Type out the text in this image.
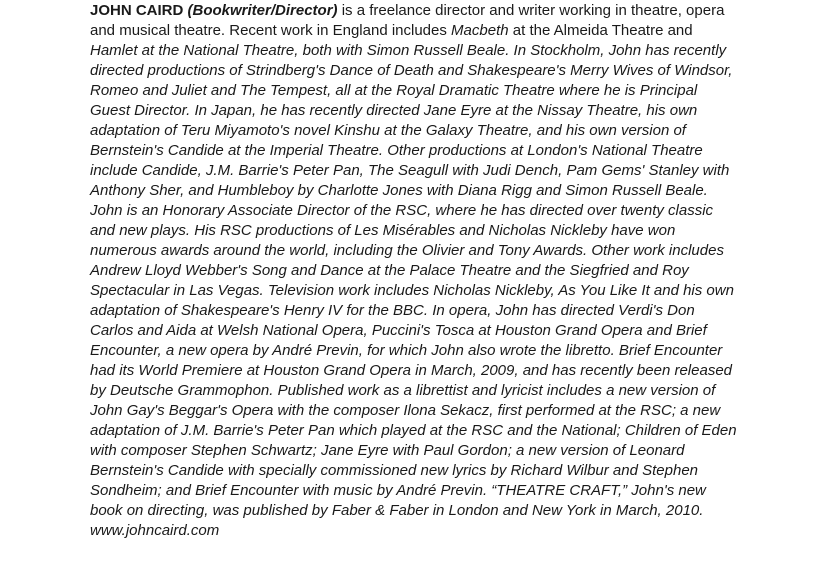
JOHN CAIRD (Bookwriter/Director) is a freelance director and writer working in theatre, opera and musical theatre. Recent work in England includes Macbeth at the Almeida Theatre and Hamlet at the National Theatre, both with Simon Russell Beale. In Stockholm, John has recently directed productions of Strindberg's Dance of Death and Shakespeare's Merry Wives of Windsor, Romeo and Juliet and The Tempest, all at the Royal Dramatic Theatre where he is Principal Guest Director. In Japan, he has recently directed Jane Eyre at the Nissay Theatre, his own adaptation of Teru Miyamoto's novel Kinshu at the Galaxy Theatre, and his own version of Bernstein's Candide at the Imperial Theatre. Other productions at London's National Theatre include Candide, J.M. Barrie's Peter Pan, The Seagull with Judi Dench, Pam Gems' Stanley with Anthony Sher, and Humbleboy by Charlotte Jones with Diana Rigg and Simon Russell Beale. John is an Honorary Associate Director of the RSC, where he has directed over twenty classic and new plays. His RSC productions of Les Misérables and Nicholas Nickleby have won numerous awards around the world, including the Olivier and Tony Awards. Other work includes Andrew Lloyd Webber's Song and Dance at the Palace Theatre and the Siegfried and Roy Spectacular in Las Vegas. Television work includes Nicholas Nickleby, As You Like It and his own adaptation of Shakespeare's Henry IV for the BBC. In opera, John has directed Verdi's Don Carlos and Aida at Welsh National Opera, Puccini's Tosca at Houston Grand Opera and Brief Encounter, a new opera by André Previn, for which John also wrote the libretto. Brief Encounter had its World Premiere at Houston Grand Opera in March, 2009, and has recently been released by Deutsche Grammophon. Published work as a librettist and lyricist includes a new version of John Gay's Beggar's Opera with the composer Ilona Sekacz, first performed at the RSC; a new adaptation of J.M. Barrie's Peter Pan which played at the RSC and the National; Children of Eden with composer Stephen Schwartz; Jane Eyre with Paul Gordon; a new version of Leonard Bernstein's Candide with specially commissioned new lyrics by Richard Wilbur and Stephen Sondheim; and Brief Encounter with music by André Previn. “THEATRE CRAFT,” John's new book on directing, was published by Faber & Faber in London and New York in March, 2010. www.johncaird.com
